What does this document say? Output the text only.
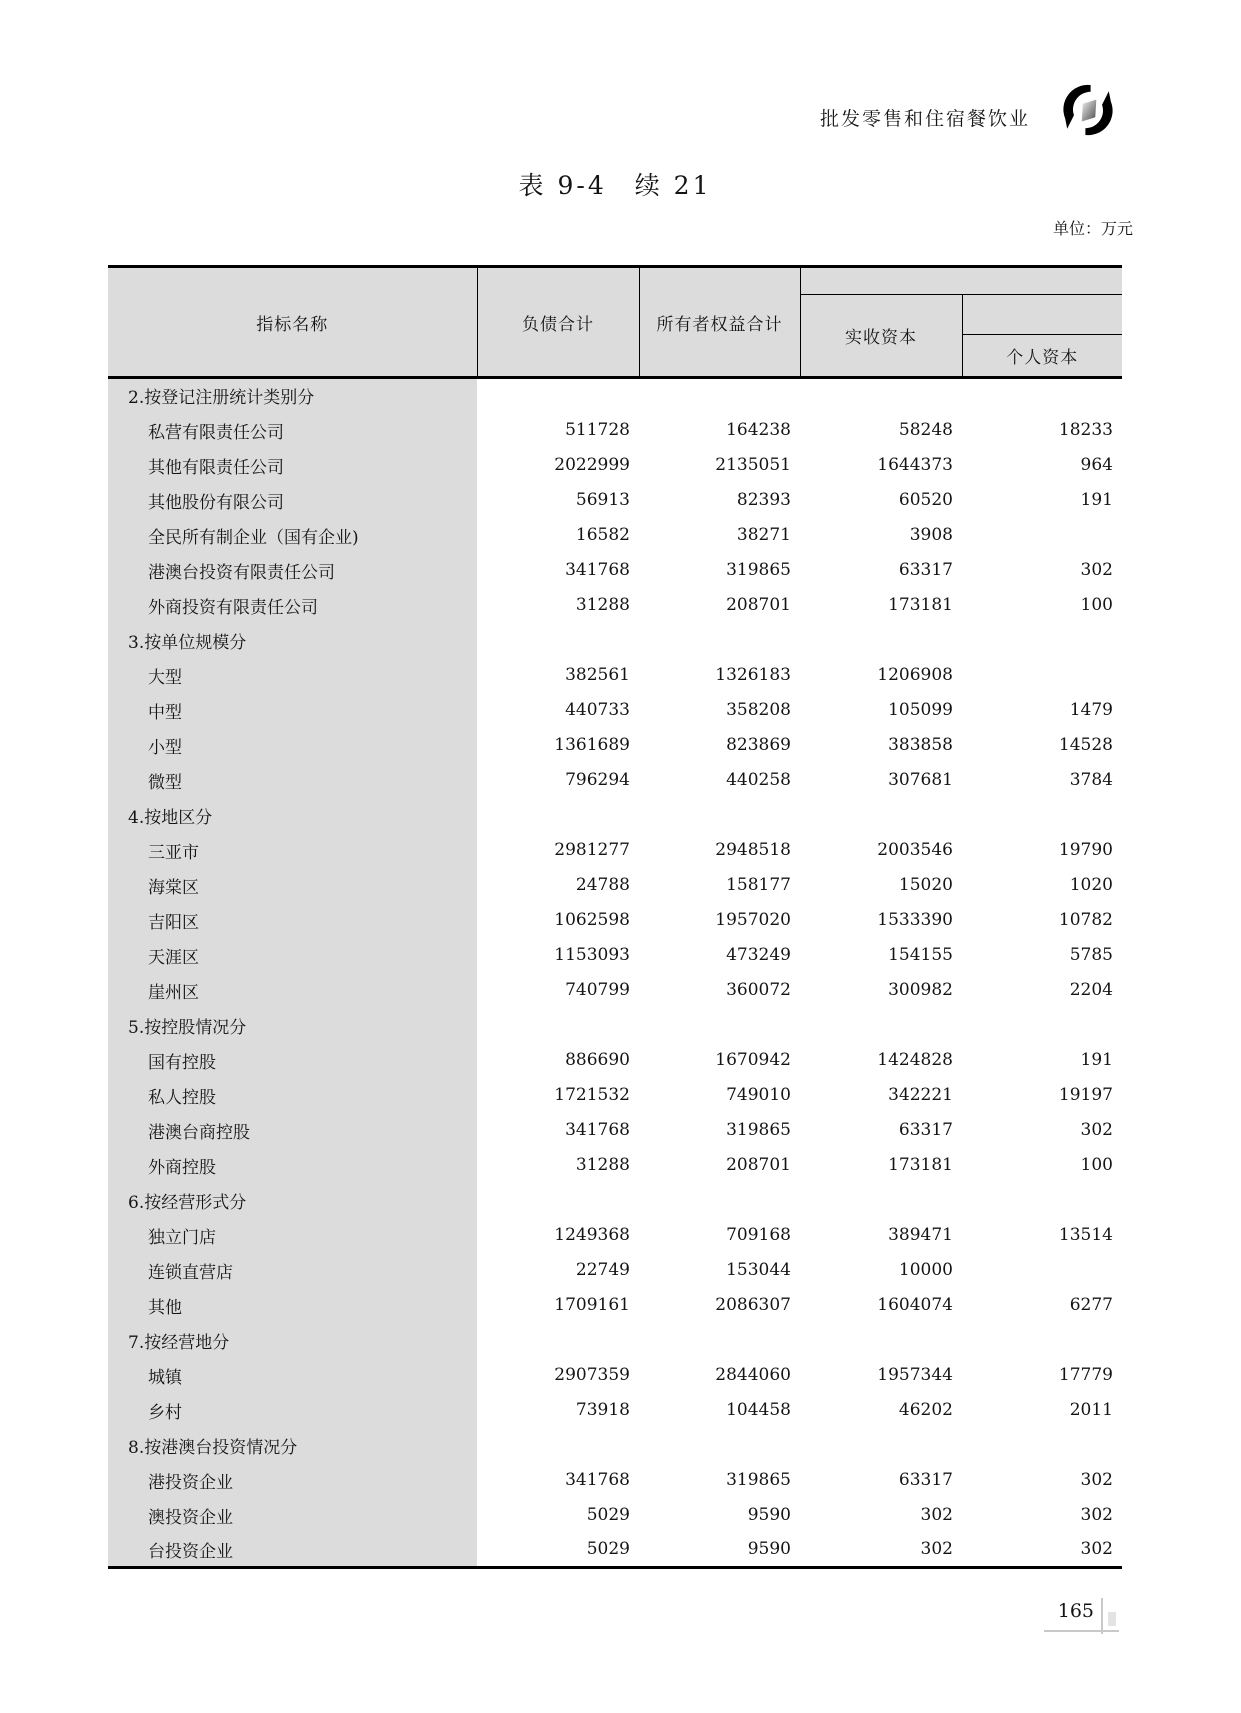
批发零售和住宿餐饮业
表 9-4　续 21
单位：万元
指标名称	负债合计	所有者权益合计		
			实收资本	
				个人资本
2.按登记注册统计类别分				
私营有限责任公司	511728	164238	58248	18233
其他有限责任公司	2022999	2135051	1644373	964
其他股份有限公司	56913	82393	60520	191
全民所有制企业（国有企业)	16582	38271	3908	
港澳台投资有限责任公司	341768	319865	63317	302
外商投资有限责任公司	31288	208701	173181	100
3.按单位规模分				
大型	382561	1326183	1206908	
中型	440733	358208	105099	1479
小型	1361689	823869	383858	14528
微型	796294	440258	307681	3784
4.按地区分				
三亚市	2981277	2948518	2003546	19790
海棠区	24788	158177	15020	1020
吉阳区	1062598	1957020	1533390	10782
天涯区	1153093	473249	154155	5785
崖州区	740799	360072	300982	2204
5.按控股情况分				
国有控股	886690	1670942	1424828	191
私人控股	1721532	749010	342221	19197
港澳台商控股	341768	319865	63317	302
外商控股	31288	208701	173181	100
6.按经营形式分				
独立门店	1249368	709168	389471	13514
连锁直营店	22749	153044	10000	
其他	1709161	2086307	1604074	6277
7.按经营地分				
城镇	2907359	2844060	1957344	17779
乡村	73918	104458	46202	2011
8.按港澳台投资情况分				
港投资企业	341768	319865	63317	302
澳投资企业	5029	9590	302	302
台投资企业	5029	9590	302	302
165
